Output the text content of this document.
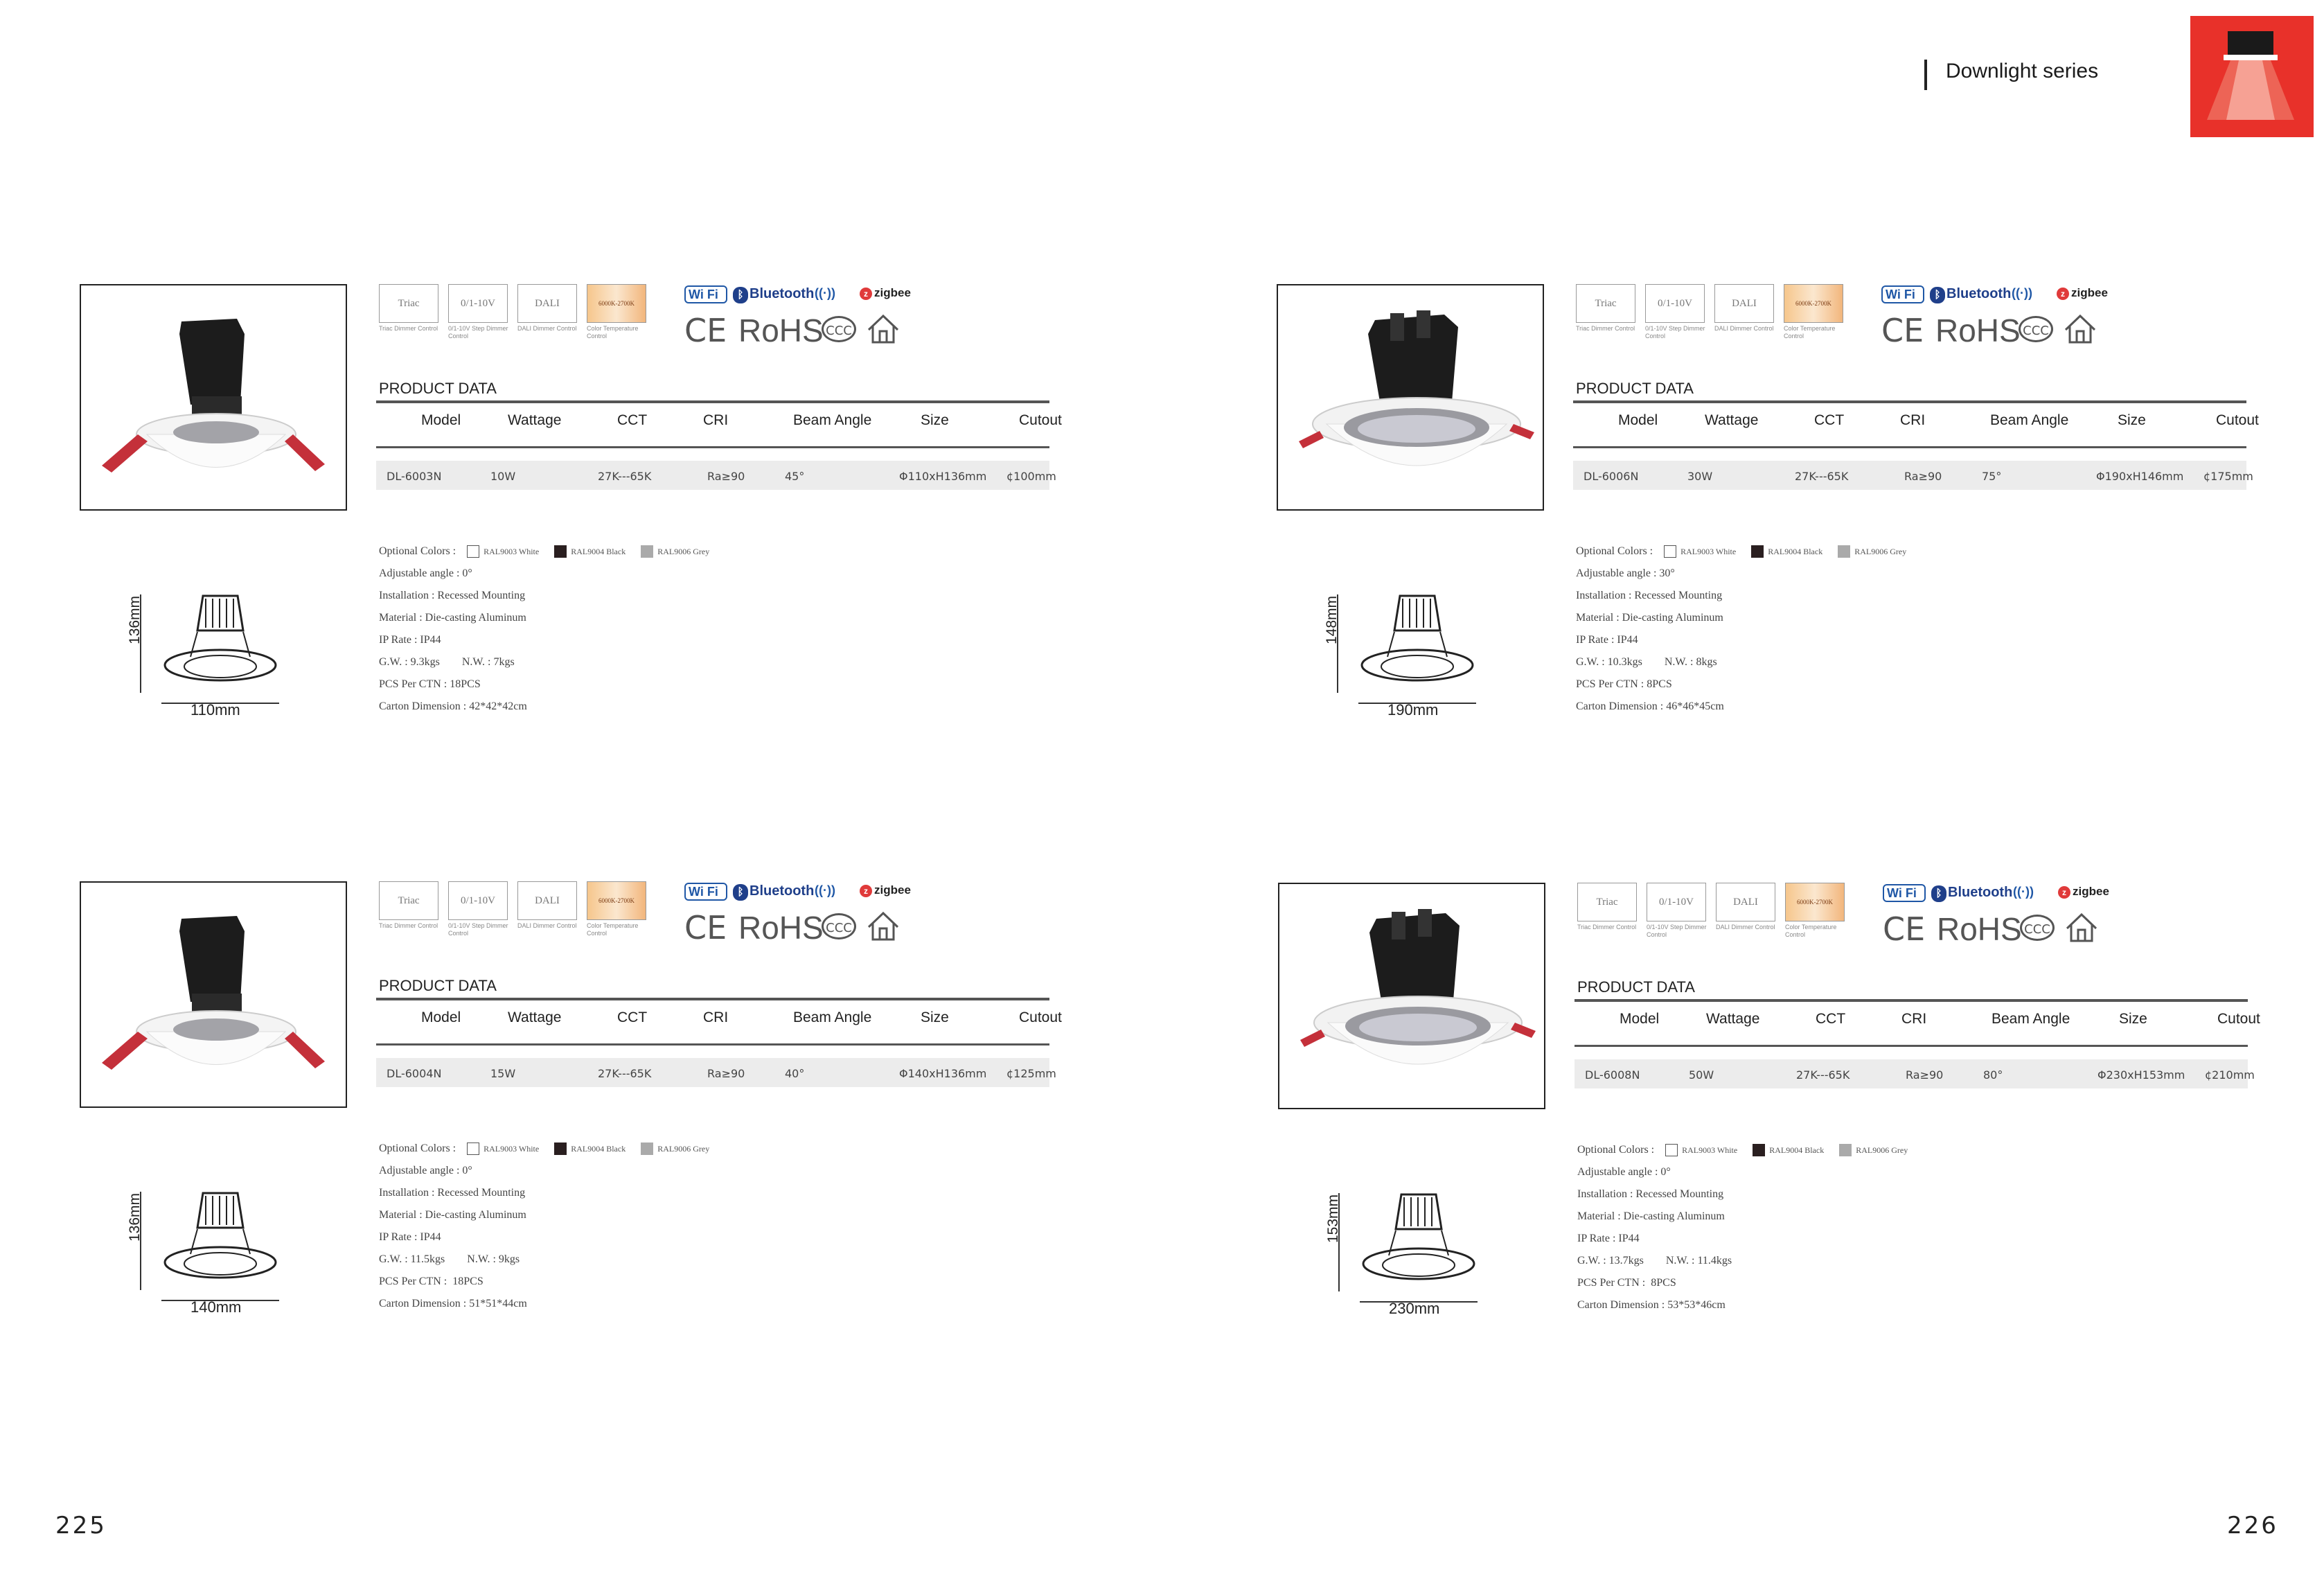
Downlight series
225	226
136mm
110mm
Triac
Triac Dimmer Control
0/1-10V
0/1-10V Step Dimmer Control
DALI
DALI Dimmer Control
6000K-2700K
Color Temperature Control
Wi Fi	ᛒ Bluetooth ((·))	z zigbee
CE RoHS CCC
PRODUCT DATA
Model	Wattage	CCT	CRI	Beam Angle	Size	Cutout
DL-6003N	10W	27K---65K	Ra≥90	45°	Φ110xH136mm ¢100mm
Optional Colors :	RAL9003 White	RAL9004 Black	RAL9006 Grey
Adjustable angle : 0°
Installation : Recessed Mounting
Material : Die-casting Aluminum
IP Rate : IP44
G.W. : 9.3kgs        N.W. : 7kgs
PCS Per CTN : 18PCS
Carton Dimension : 42*42*42cm
148mm
190mm
Triac
Triac Dimmer Control
0/1-10V
0/1-10V Step Dimmer Control
DALI
DALI Dimmer Control
6000K-2700K
Color Temperature Control
Wi Fi	ᛒ Bluetooth ((·))	z zigbee
CE RoHS CCC
PRODUCT DATA
Model	Wattage	CCT	CRI	Beam Angle	Size	Cutout
DL-6006N	30W	27K---65K	Ra≥90	75°	Φ190xH146mm ¢175mm
Optional Colors :	RAL9003 White	RAL9004 Black	RAL9006 Grey
Adjustable angle : 30°
Installation : Recessed Mounting
Material : Die-casting Aluminum
IP Rate : IP44
G.W. : 10.3kgs        N.W. : 8kgs
PCS Per CTN : 8PCS
Carton Dimension : 46*46*45cm
136mm
140mm
Triac
Triac Dimmer Control
0/1-10V
0/1-10V Step Dimmer Control
DALI
DALI Dimmer Control
6000K-2700K
Color Temperature Control
Wi Fi	ᛒ Bluetooth ((·))	z zigbee
CE RoHS CCC
PRODUCT DATA
Model	Wattage	CCT	CRI	Beam Angle	Size	Cutout
DL-6004N	15W	27K---65K	Ra≥90	40°	Φ140xH136mm ¢125mm
Optional Colors :	RAL9003 White	RAL9004 Black	RAL9006 Grey
Adjustable angle : 0°
Installation : Recessed Mounting
Material : Die-casting Aluminum
IP Rate : IP44
G.W. : 11.5kgs        N.W. : 9kgs
PCS Per CTN :  18PCS
Carton Dimension : 51*51*44cm
153mm
230mm
Triac
Triac Dimmer Control
0/1-10V
0/1-10V Step Dimmer Control
DALI
DALI Dimmer Control
6000K-2700K
Color Temperature Control
Wi Fi	ᛒ Bluetooth ((·))	z zigbee
CE RoHS CCC
PRODUCT DATA
Model	Wattage	CCT	CRI	Beam Angle	Size	Cutout
DL-6008N	50W	27K---65K	Ra≥90	80°	Φ230xH153mm ¢210mm
Optional Colors :	RAL9003 White	RAL9004 Black	RAL9006 Grey
Adjustable angle : 0°
Installation : Recessed Mounting
Material : Die-casting Aluminum
IP Rate : IP44
G.W. : 13.7kgs        N.W. : 11.4kgs
PCS Per CTN :  8PCS
Carton Dimension : 53*53*46cm
